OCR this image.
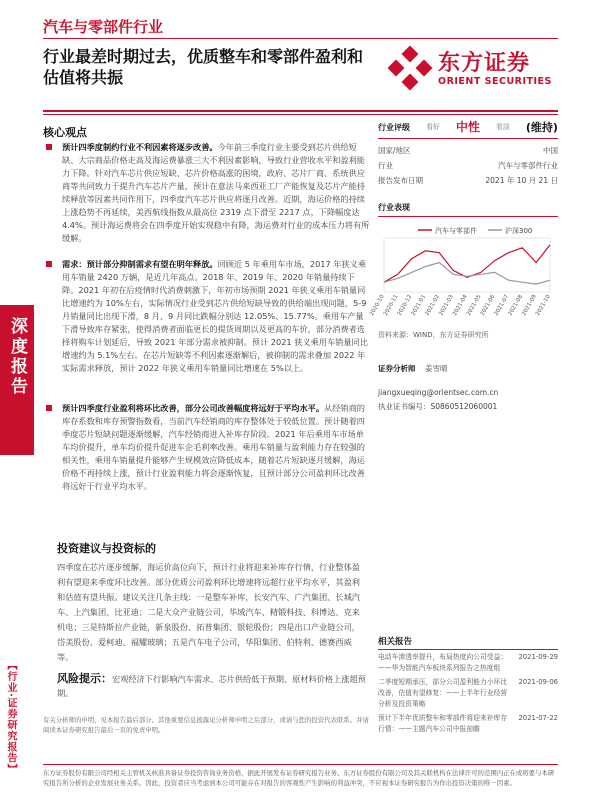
汽车与零部件行业
行业最差时期过去，优质整车和零部件盈利和估值将共振
东方证券
ORIENT SECURITIES
深度报告
【行业·证券研究报告】
核心观点
预计四季度制约行业不利因素将逐步改善。今年前三季度行业主要受到芯片供给短缺、大宗商品价格走高及海运费暴涨三大不利因素影响，导致行业营收水平和盈利能力下降。针对汽车芯片供应短缺、芯片价格高涨的困境，政府、芯片厂商、系统供应商等共同致力于提升汽车芯片产量，预计在意法马来西亚工厂产能恢复及芯片产能持续释放等因素共同作用下，四季度汽车芯片供应将逐月改善。近期，海运价格的持续上涨趋势不再延续，美西航线指数从最高位 2319 点下滑至 2217 点，下降幅度达 4.4%。预计海运费将会在四季度开始实现稳中有降，海运费对行业的成本压力将有所缓解。
需求：预计部分抑制需求有望在明年释放。回顾近 5 年乘用车市场，2017 年狭义乘用车销量 2420 万辆，是近几年高点。2018 年、2019 年、2020 年销量持续下降。2021 年初在后疫情时代消费刺激下，年初市场预期 2021 年狭义乘用车销量同比增速约为 10%左右，实际情况行业受到芯片供给短缺导致的供给端出现问题，5-9 月销量同比出现下滑，8 月、9 月同比跌幅分别达 12.05%、15.77%。乘用车产量下滑导致库存紧张，使得消费者面临更长的提货周期以及更高的车价，部分消费者选择将购车计划延后，导致 2021 年部分需求被抑制。预计 2021 狭义乘用车销量同比增速约为 5.1%左右。在芯片短缺等不利因素逐渐解后，被抑制的需求叠加 2022 年实际需求释放，预计 2022 年狭义乘用车销量同比增速在 5%以上。
预计四季度行业盈利将环比改善，部分公司改善幅度将远好于平均水平。从经销商的库存系数和库存预警指数看，当前汽车经销商的库存整体处于较低位置。预计随着四季度芯片短缺问题逐渐缓解，汽车经销商进入补库存阶段。2021 年后乘用车市场单车均价提升，单车均价提升促进车企毛利率改善。乘用车销量与盈利能力存在较强的相关性，乘用车销量提升能够产生规模效应降低成本，随着芯片短缺逐月缓解，海运价格不再持续上涨，预计行业盈利能力将会逐渐恢复，且预计部分公司盈利环比改善将远好于行业平均水平。
投资建议与投资标的
四季度在芯片逐步缓解、海运价高位向下，预计行业将迎来补库存行情，行业整体盈利有望迎来季度环比改善。部分优质公司盈利环比增速将远超行业平均水平，其盈利和估值有望共振。建议关注几条主线：一是整车补库，长安汽车、广汽集团、长城汽车、上汽集团、比亚迪；二是大众产业链公司，华域汽车、精锻科技、科博达、克来机电；三是特斯拉产业链，新泉股份、拓普集团、银轮股份；四是出口产业链公司，岱美股份、爱柯迪、福耀玻璃；五是汽车电子公司，华阳集团、伯特利、德赛西威等。
风险提示：宏观经济下行影响汽车需求、芯片供给低于预期、原材料价格上涨超预期。
有关分析师的申明，见本报告最后部分。其他重要信息披露见分析师申明之后部分，或请与您的投资代表联系。并请阅读本证券研究报告最后一页的免责申明。
东方证券股份有限公司经相关主管机关核准具备证券投资咨询业务资格，据此开展发布证券研究报告业务。东方证券股份有限公司及其关联机构在法律许可的范围内正在或将要与本研究报告所分析的企业发展业务关系。因此，投资者应当考虑到本公司可能存在对报告的客观性产生影响的利益冲突，不应视本证券研究报告为作出投资决策的唯一因素。
行业评级 看好 中性 看淡 (维持)
国家/地区	中国
行业	汽车与零部件行业
报告发布日期	2021 年 10 月 21 日
行业表现
汽车与零部件	沪深300
2020-10
2020-11
2020-12
2021-01
2021-02
2021-03
2021-04
2021-05
2021-06
2021-07
2021-08
2021-09
2021-10
资料来源：WIND，东方证券研究所
证券分析师 姜雪晴
jiangxueqing@orientsec.com.cn
执业证书编号：S0860512060001
相关报告
电动车渗透率提升，布局热度向公司受益：——华为智能汽车板块系列报告之热度组
2021-09-29
二季度短期承压，部分公司盈利能力小环比改善，估值有望修复：——上半年行业经营分析及投资策略
2021-09-06
预计下半年优质整车和零部件将迎来补库存行情：——主题汽车公司中报前瞻
2021-07-22
